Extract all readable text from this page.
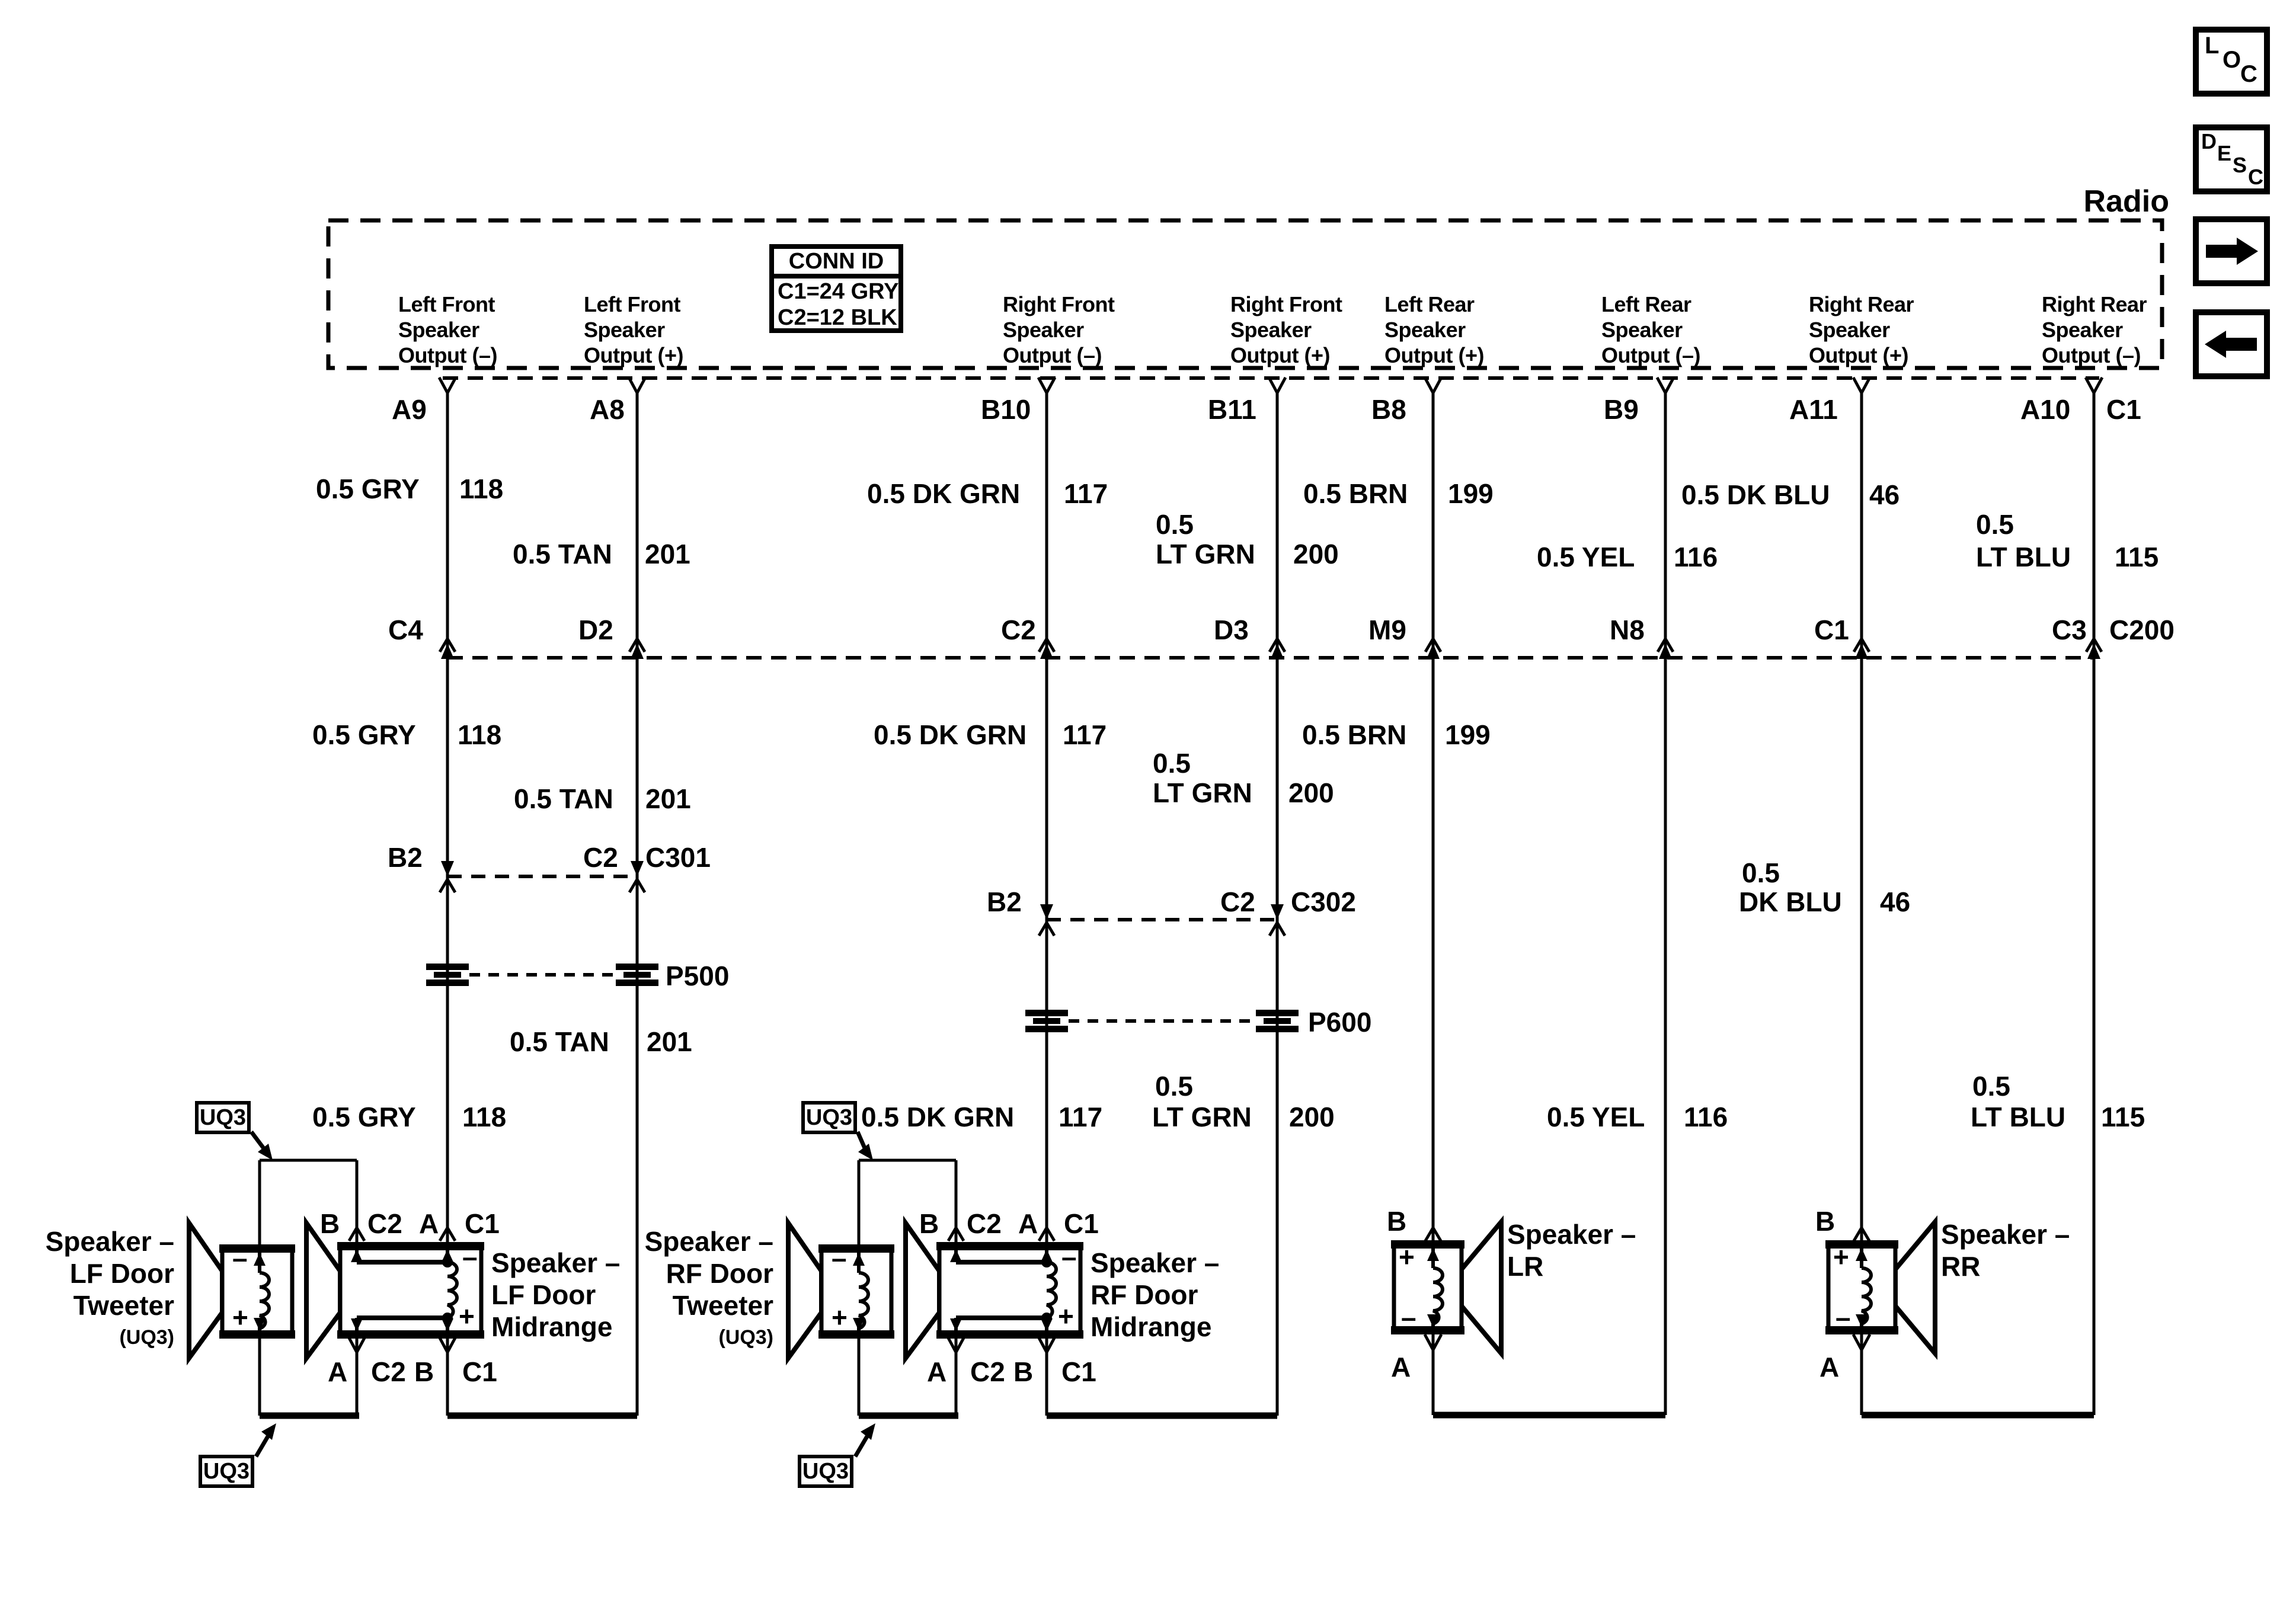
Radio
L
O
C
D E S C
CONN ID
C1=24 GRY
C2=12 BLK
Left Front
Speaker
Output (–)
Left Front
Speaker
Output (+)
Right Front
Speaker
Output (–)
Right Front
Speaker
Output (+)
Left Rear
Speaker
Output (+)
Left Rear
Speaker
Output (–)
Right Rear
Speaker
Output (+)
Right Rear
Speaker
Output (–)
A9	A8	B10	B11	B8	B9	A11	A10 C1
0.5 GRY 118
0.5 TAN 201
0.5 DK GRN 117
0.5
LT GRN 200
0.5 BRN 199
0.5 YEL 116
0.5 DK BLU 46
0.5
LT BLU 115
C4	D2	C2	D3	M9	N8	C1	C3 C200
0.5 GRY 118
0.5 TAN 201
0.5 DK GRN 117
0.5
LT GRN 200
0.5 BRN 199
0.5
DK BLU 46
B2	C2 C301
B2	C2 C302
P500
P600
0.5 TAN 201
0.5 GRY 118	0.5 DK GRN 117
0.5
LT GRN 200	0.5 YEL 116
0.5
LT BLU 115
UQ3	UQ3
UQ3	UQ3
B C2 A C1
A C2 B C1
B C2 A C1
A C2 B C1
B
A
B
A
–
+
–
+
–
+
–
+
+
–
+
–
Speaker –
LF Door
Tweeter
(UQ3)
Speaker –
LF Door
Midrange
Speaker –
RF Door
Tweeter
(UQ3)
Speaker –
RF Door
Midrange
Speaker –
LR
Speaker –
RR
